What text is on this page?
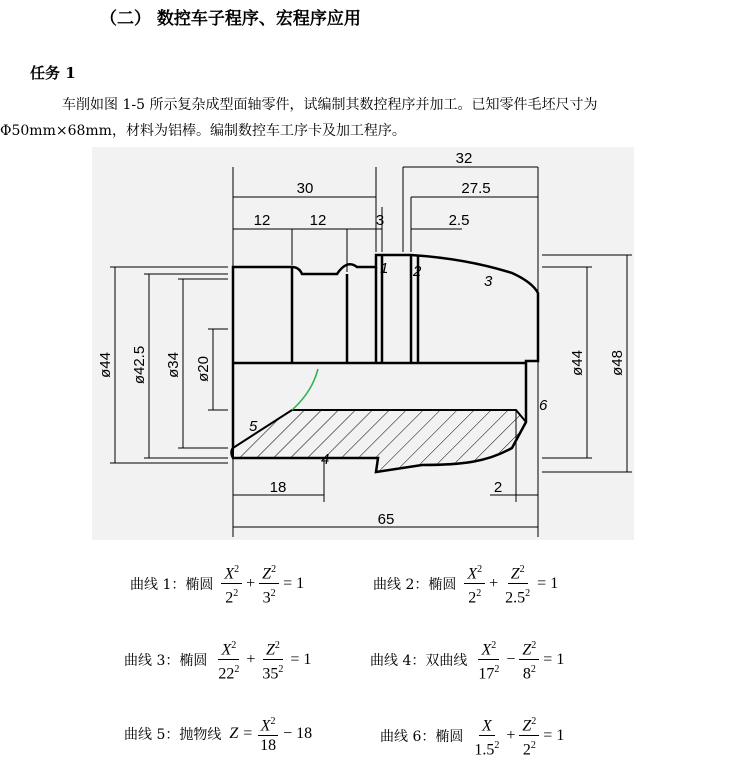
（二） 数控车子程序、宏程序应用
任务 1
车削如图 1-5 所示复杂成型面轴零件，试编制其数控程序并加工。已知零件毛坯尺寸为
Φ50mm×68mm，材料为铝棒。编制数控车工序卡及加工程序。
32
30	27.5
12	12	3	2.5
18	2
65
ø44 ø42.5 ø34 ø20	ø44 ø48
1 2
3
4
5
6
曲线 1：椭圆 $\frac{X^2}{2^2} + \frac{Z^2}{3^2} = 1$	曲线 2：椭圆 $\frac{X^2}{2^2} + \frac{Z^2}{2.5^2} = 1$
曲线 3：椭圆 $\frac{X^2}{22^2} + \frac{Z^2}{35^2} = 1$	曲线 4：双曲线 $\frac{X^2}{17^2} - \frac{Z^2}{8^2} = 1$
曲线 5：抛物线 $Z = \frac{X^2}{18} - 18$	曲线 6：椭圆 $\frac{X}{1.5^2} + \frac{Z^2}{2^2} = 1$
